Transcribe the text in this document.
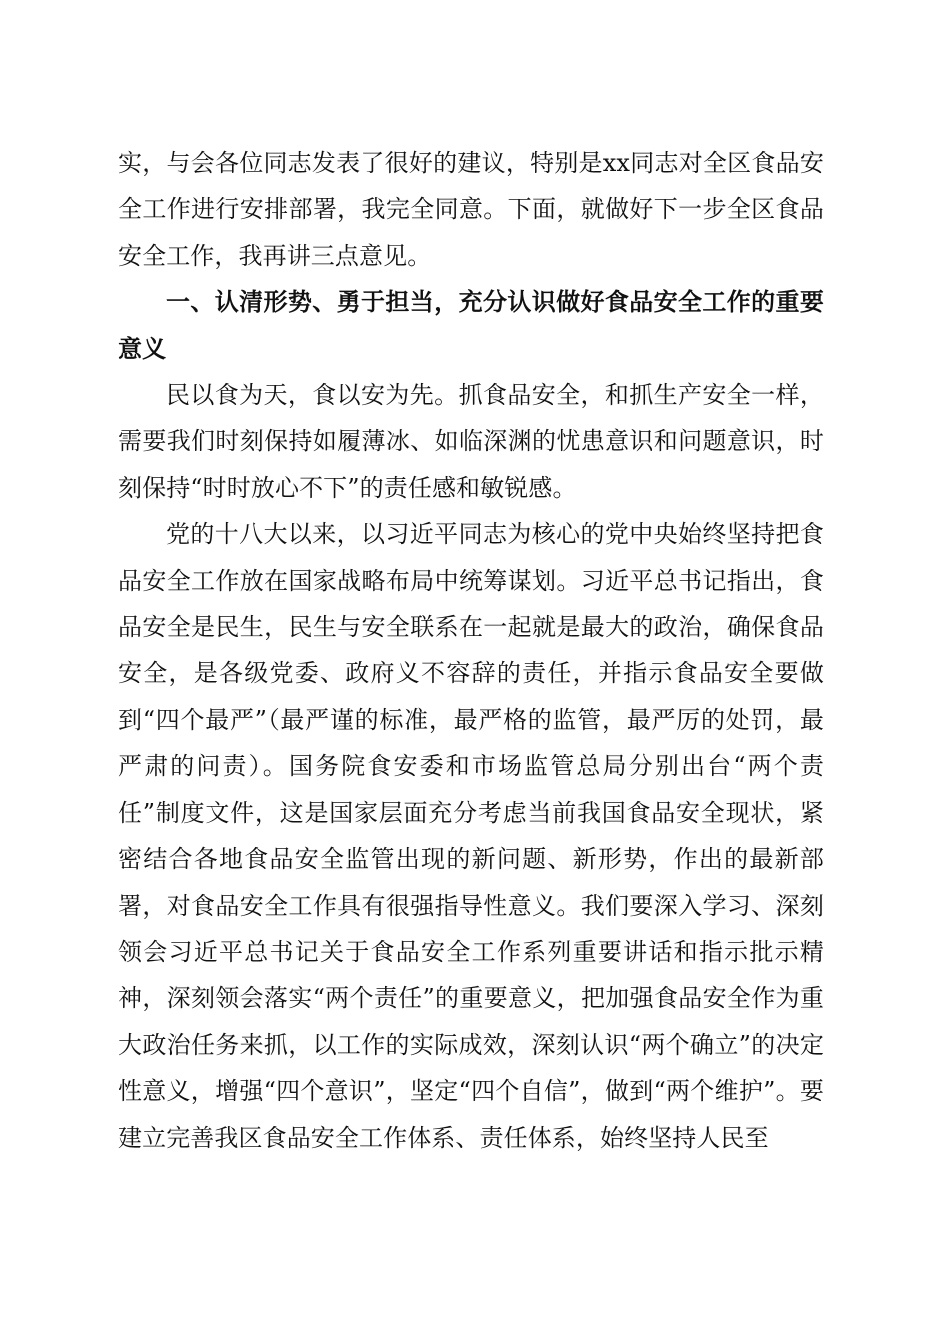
实，与会各位同志发表了很好的建议，特别是xx同志对全区食品安全工作进行安排部署，我完全同意。下面，就做好下一步全区食品安全工作，我再讲三点意见。

一、认清形势、勇于担当，充分认识做好食品安全工作的重要意义

民以食为天，食以安为先。抓食品安全，和抓生产安全一样，需要我们时刻保持如履薄冰、如临深渊的忧患意识和问题意识，时刻保持“时时放心不下”的责任感和敏锐感。

党的十八大以来，以习近平同志为核心的党中央始终坚持把食品安全工作放在国家战略布局中统筹谋划。习近平总书记指出，食品安全是民生，民生与安全联系在一起就是最大的政治，确保食品安全，是各级党委、政府义不容辞的责任，并指示食品安全要做到“四个最严”（最严谨的标准，最严格的监管，最严厉的处罚，最严肃的问责）。国务院食安委和市场监管总局分别出台“两个责任”制度文件，这是国家层面充分考虑当前我国食品安全现状，紧密结合各地食品安全监管出现的新问题、新形势，作出的最新部署，对食品安全工作具有很强指导性意义。我们要深入学习、深刻领会习近平总书记关于食品安全工作系列重要讲话和指示批示精神，深刻领会落实“两个责任”的重要意义，把加强食品安全作为重大政治任务来抓，以工作的实际成效，深刻认识“两个确立”的决定性意义，增强“四个意识”，坚定“四个自信”，做到“两个维护”。要建立完善我区食品安全工作体系、责任体系，始终坚持人民至
